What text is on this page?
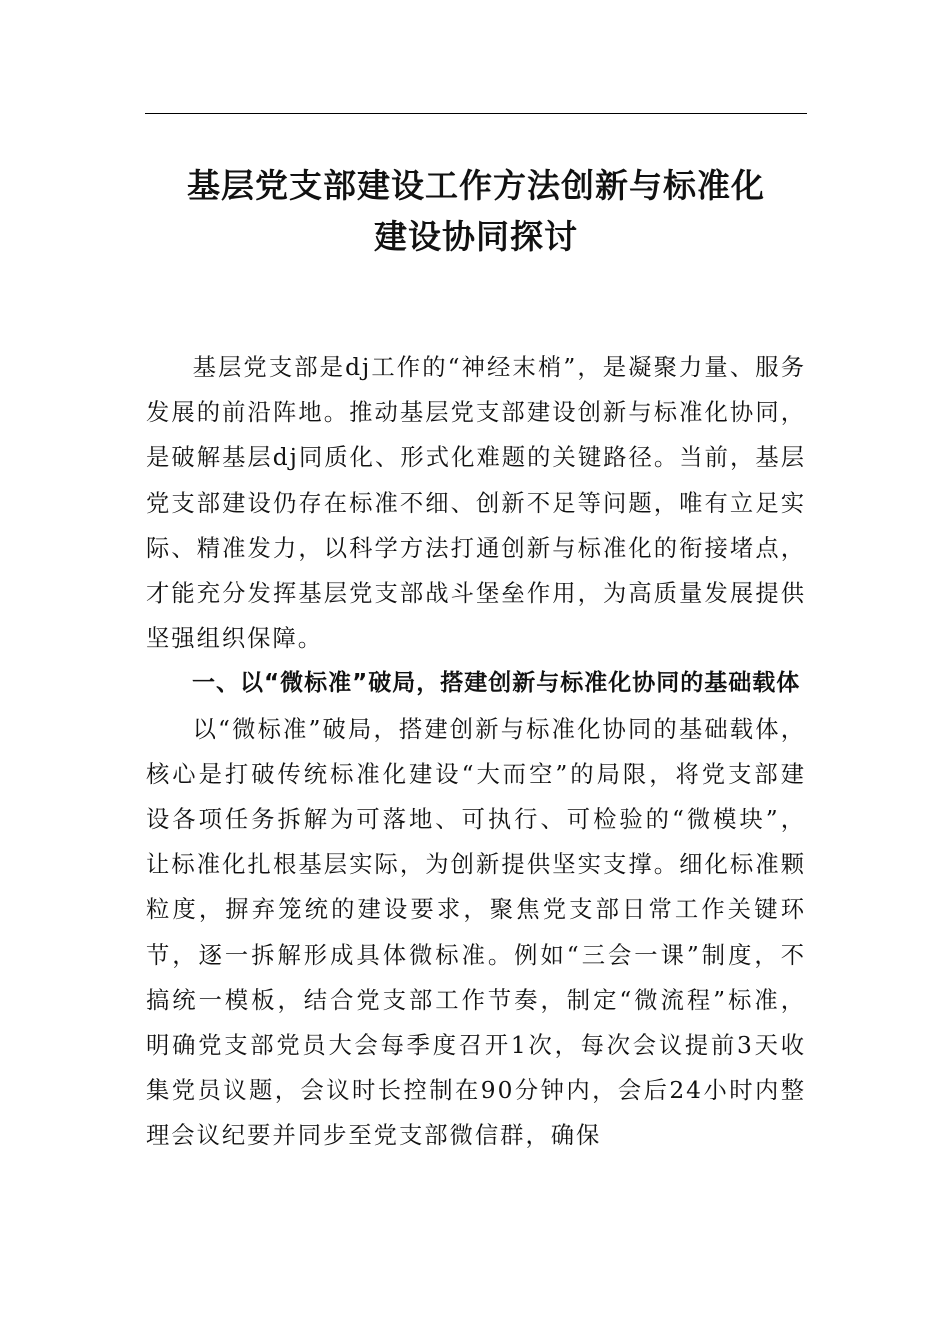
基层党支部建设工作方法创新与标准化
建设协同探讨

基层党支部是dj工作的“神经末梢”，是凝聚力量、服务发展的前沿阵地。推动基层党支部建设创新与标准化协同，是破解基层dj同质化、形式化难题的关键路径。当前，基层党支部建设仍存在标准不细、创新不足等问题，唯有立足实际、精准发力，以科学方法打通创新与标准化的衔接堵点，才能充分发挥基层党支部战斗堡垒作用，为高质量发展提供坚强组织保障。

一、以“微标准”破局，搭建创新与标准化协同的基础载体

以“微标准”破局，搭建创新与标准化协同的基础载体，核心是打破传统标准化建设“大而空”的局限，将党支部建设各项任务拆解为可落地、可执行、可检验的“微模块”，让标准化扎根基层实际，为创新提供坚实支撑。细化标准颗粒度，摒弃笼统的建设要求，聚焦党支部日常工作关键环节，逐一拆解形成具体微标准。例如“三会一课”制度，不搞统一模板，结合党支部工作节奏，制定“微流程”标准，明确党支部党员大会每季度召开1次，每次会议提前3天收集党员议题，会议时长控制在90分钟内，会后24小时内整理会议纪要并同步至党支部微信群，确保
